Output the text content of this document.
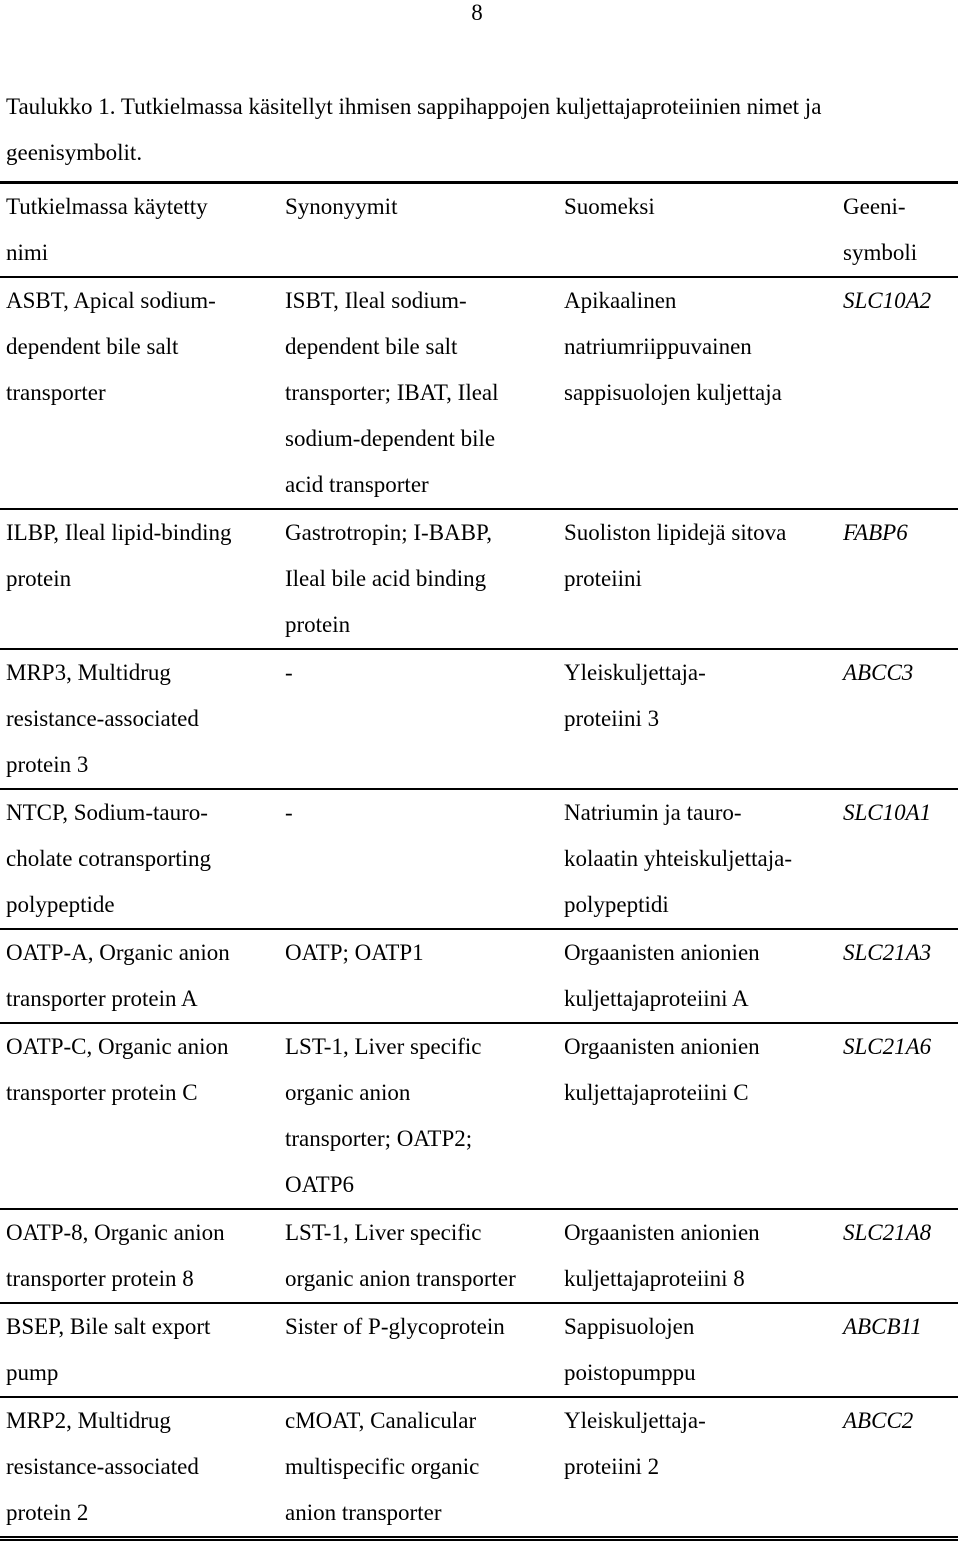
8
Taulukko 1. Tutkielmassa käsitellyt ihmisen sappihappojen kuljettajaproteiinien nimet ja geenisymbolit.
Tutkielmassa käytetty
nimi	Synonyymit	Suomeksi	Geeni-
symboli

ASBT, Apical sodium-
dependent bile salt
transporter	ISBT, Ileal sodium-
dependent bile salt
transporter; IBAT, Ileal
sodium-dependent bile
acid transporter	Apikaalinen
natriumriippuvainen
sappisuolojen kuljettaja	SLC10A2

ILBP, Ileal lipid-binding
protein	Gastrotropin; I-BABP,
Ileal bile acid binding
protein	Suoliston lipidejä sitova
proteiini	FABP6

MRP3, Multidrug
resistance-associated
protein 3	-	Yleiskuljettaja-
proteiini 3	ABCC3

NTCP, Sodium-tauro-
cholate cotransporting
polypeptide	-	Natriumin ja tauro-
kolaatin yhteiskuljettaja-
polypeptidi	SLC10A1

OATP-A, Organic anion
transporter protein A	OATP; OATP1	Orgaanisten anionien
kuljettajaproteiini A	SLC21A3

OATP-C, Organic anion
transporter protein C	LST-1, Liver specific
organic anion
transporter; OATP2;
OATP6	Orgaanisten anionien
kuljettajaproteiini C	SLC21A6

OATP-8, Organic anion
transporter protein 8	LST-1, Liver specific
organic anion transporter	Orgaanisten anionien
kuljettajaproteiini 8	SLC21A8

BSEP, Bile salt export
pump	Sister of P-glycoprotein	Sappisuolojen
poistopumppu	ABCB11

MRP2, Multidrug
resistance-associated
protein 2	cMOAT, Canalicular
multispecific organic
anion transporter	Yleiskuljettaja-
proteiini 2	ABCC2
